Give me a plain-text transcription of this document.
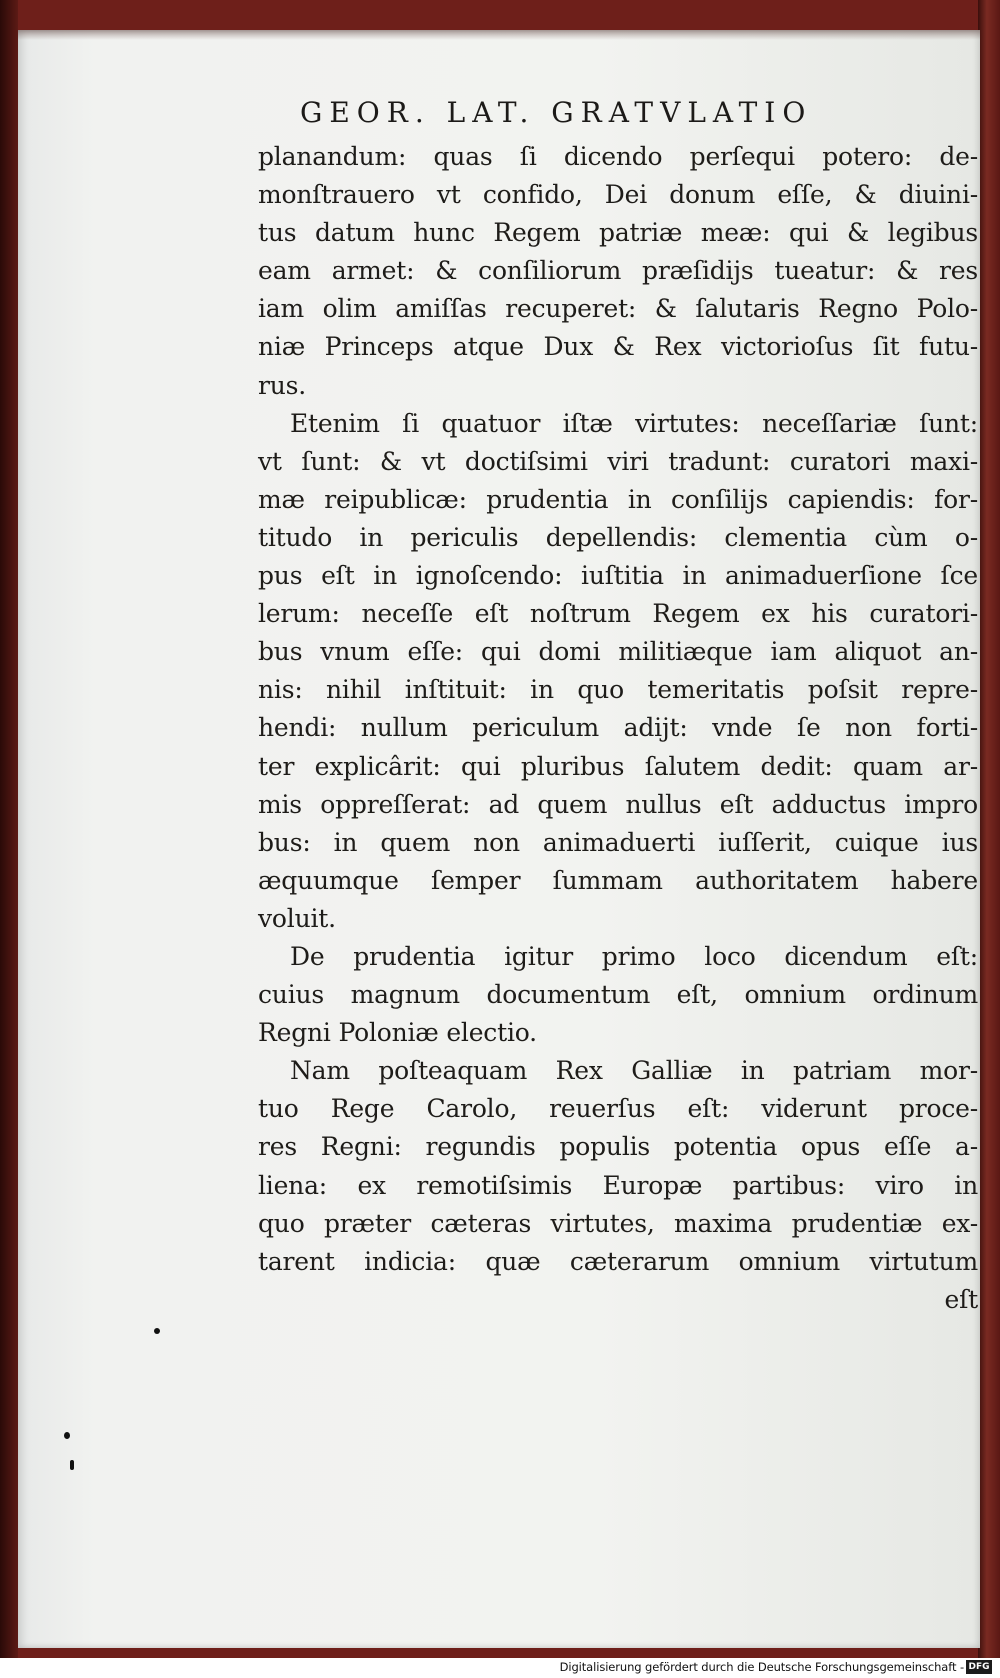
GEOR. LAT. GRATVLATIO
planandum: quas ſi dicendo perſequi potero: de-
monſtrauero vt confido, Dei donum eſſe, & diuini-
tus datum hunc Regem patriæ meæ: qui & legibus
eam armet: & conſiliorum præſidijs tueatur: & res
iam olim amiſſas recuperet: & ſalutaris Regno Polo-
niæ Princeps atque Dux & Rex victorioſus ſit futu-
rus.
Etenim ſi quatuor iſtæ virtutes: neceſſariæ ſunt:
vt ſunt: & vt doctiſsimi viri tradunt: curatori maxi-
mæ reipublicæ: prudentia in conſilijs capiendis: for-
titudo in periculis depellendis: clementia cùm o-
pus eſt in ignoſcendo: iuſtitia in animaduerſione ſce
lerum: neceſſe eſt noſtrum Regem ex his curatori-
bus vnum eſſe: qui domi militiæque iam aliquot an-
nis: nihil inſtituit: in quo temeritatis poſsit repre-
hendi: nullum periculum adijt: vnde ſe non forti-
ter explicârit: qui pluribus ſalutem dedit: quam ar-
mis oppreſſerat: ad quem nullus eſt adductus impro
bus: in quem non animaduerti iuſſerit, cuique ius
æquumque ſemper ſummam authoritatem habere
voluit.
De prudentia igitur primo loco dicendum eſt:
cuius magnum documentum eſt, omnium ordinum
Regni Poloniæ electio.
Nam poſteaquam Rex Galliæ in patriam mor-
tuo Rege Carolo, reuerſus eſt: viderunt proce-
res Regni: regundis populis potentia opus eſſe a-
liena: ex remotiſsimis Europæ partibus: viro in
quo præter cæteras virtutes, maxima prudentiæ ex-
tarent indicia: quæ cæterarum omnium virtutum
eſt
Digitalisierung gefördert durch die Deutsche Forschungsgemeinschaft - DFG
